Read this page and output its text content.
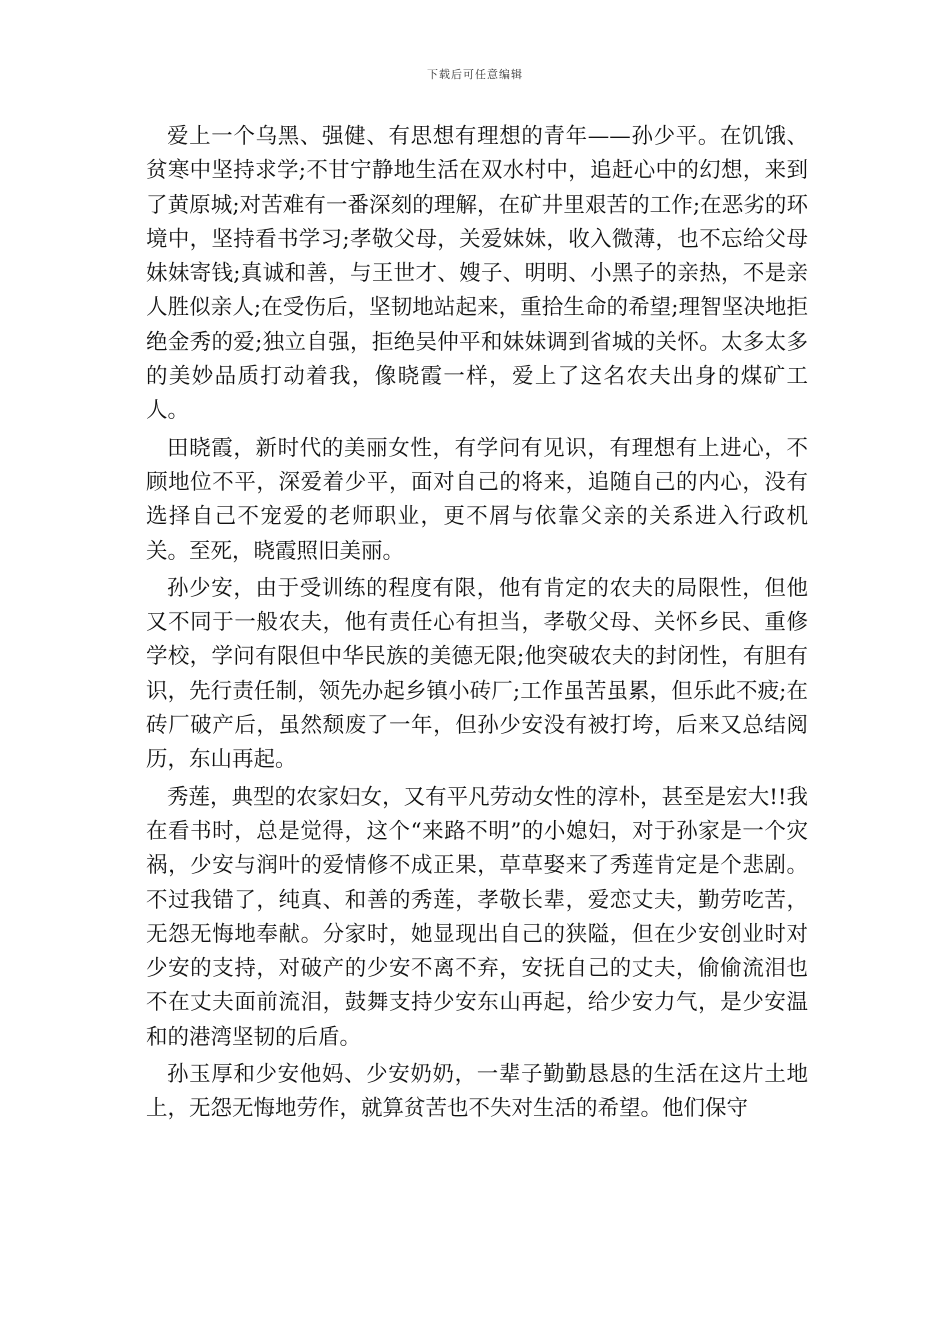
下载后可任意编辑

爱上一个乌黑、强健、有思想有理想的青年——孙少平。在饥饿、贫寒中坚持求学;不甘宁静地生活在双水村中，追赶心中的幻想，来到了黄原城;对苦难有一番深刻的理解，在矿井里艰苦的工作;在恶劣的环境中，坚持看书学习;孝敬父母，关爱妹妹，收入微薄，也不忘给父母妹妹寄钱;真诚和善，与王世才、嫂子、明明、小黑子的亲热，不是亲人胜似亲人;在受伤后，坚韧地站起来，重拾生命的希望;理智坚决地拒绝金秀的爱;独立自强，拒绝吴仲平和妹妹调到省城的关怀。太多太多的美妙品质打动着我，像晓霞一样，爱上了这名农夫出身的煤矿工人。

田晓霞，新时代的美丽女性，有学问有见识，有理想有上进心，不顾地位不平，深爱着少平，面对自己的将来，追随自己的内心，没有选择自己不宠爱的老师职业，更不屑与依靠父亲的关系进入行政机关。至死，晓霞照旧美丽。

孙少安，由于受训练的程度有限，他有肯定的农夫的局限性，但他又不同于一般农夫，他有责任心有担当，孝敬父母、关怀乡民、重修学校，学问有限但中华民族的美德无限;他突破农夫的封闭性，有胆有识，先行责任制，领先办起乡镇小砖厂;工作虽苦虽累，但乐此不疲;在砖厂破产后，虽然颓废了一年，但孙少安没有被打垮，后来又总结阅历，东山再起。

秀莲，典型的农家妇女，又有平凡劳动女性的淳朴，甚至是宏大!!我在看书时，总是觉得，这个“来路不明”的小媳妇，对于孙家是一个灾祸，少安与润叶的爱情修不成正果，草草娶来了秀莲肯定是个悲剧。不过我错了，纯真、和善的秀莲，孝敬长辈，爱恋丈夫，勤劳吃苦，无怨无悔地奉献。分家时，她显现出自己的狭隘，但在少安创业时对少安的支持，对破产的少安不离不弃，安抚自己的丈夫，偷偷流泪也不在丈夫面前流泪，鼓舞支持少安东山再起，给少安力气，是少安温和的港湾坚韧的后盾。

孙玉厚和少安他妈、少安奶奶，一辈子勤勤恳恳的生活在这片土地上，无怨无悔地劳作，就算贫苦也不失对生活的希望。他们保守
